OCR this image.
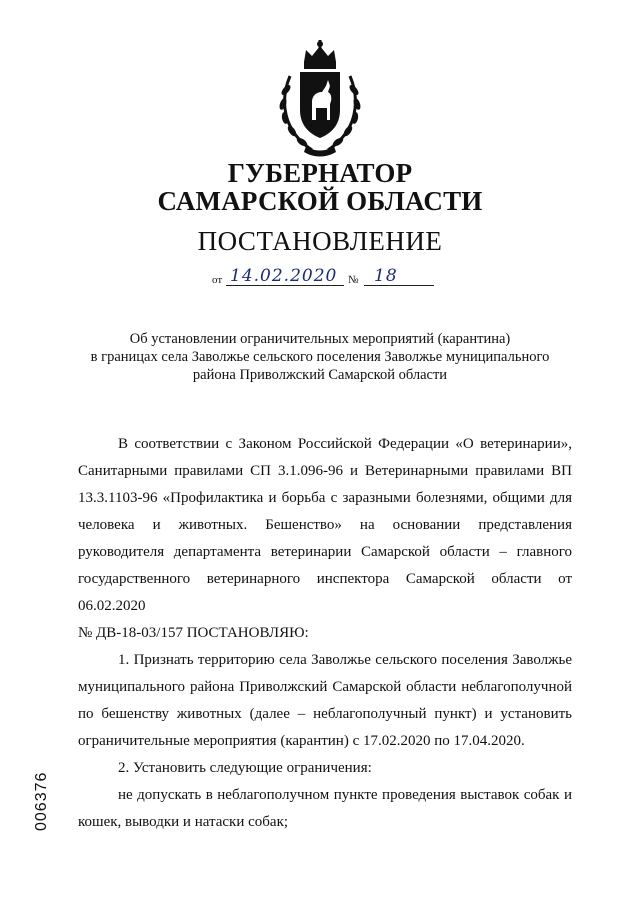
ГУБЕРНАТОР
САМАРСКОЙ ОБЛАСТИ
ПОСТАНОВЛЕНИЕ
от 14.02.2020 № 18
Об установлении ограничительных мероприятий (карантина)
в границах села Заволжье сельского поселения Заволжье муниципального
района Приволжский Самарской области

В соответствии с Законом Российской Федерации «О ветеринарии», Санитарными правилами СП 3.1.096-96 и Ветеринарными правилами ВП 13.3.1103-96 «Профилактика и борьба с заразными болезнями, общими для человека и животных. Бешенство» на основании представления руководителя департамента ветеринарии Самарской области – главного государственного ветеринарного инспектора Самарской области от 06.02.2020

№ ДВ-18-03/157 ПОСТАНОВЛЯЮ:

1. Признать территорию села Заволжье сельского поселения Заволжье муниципального района Приволжский Самарской области неблагополучной по бешенству животных (далее – неблагополучный пункт) и установить ограничительные мероприятия (карантин) с 17.02.2020 по 17.04.2020.

2. Установить следующие ограничения:

не допускать в неблагополучном пункте проведения выставок собак и кошек, выводки и натаски собак;

006376
